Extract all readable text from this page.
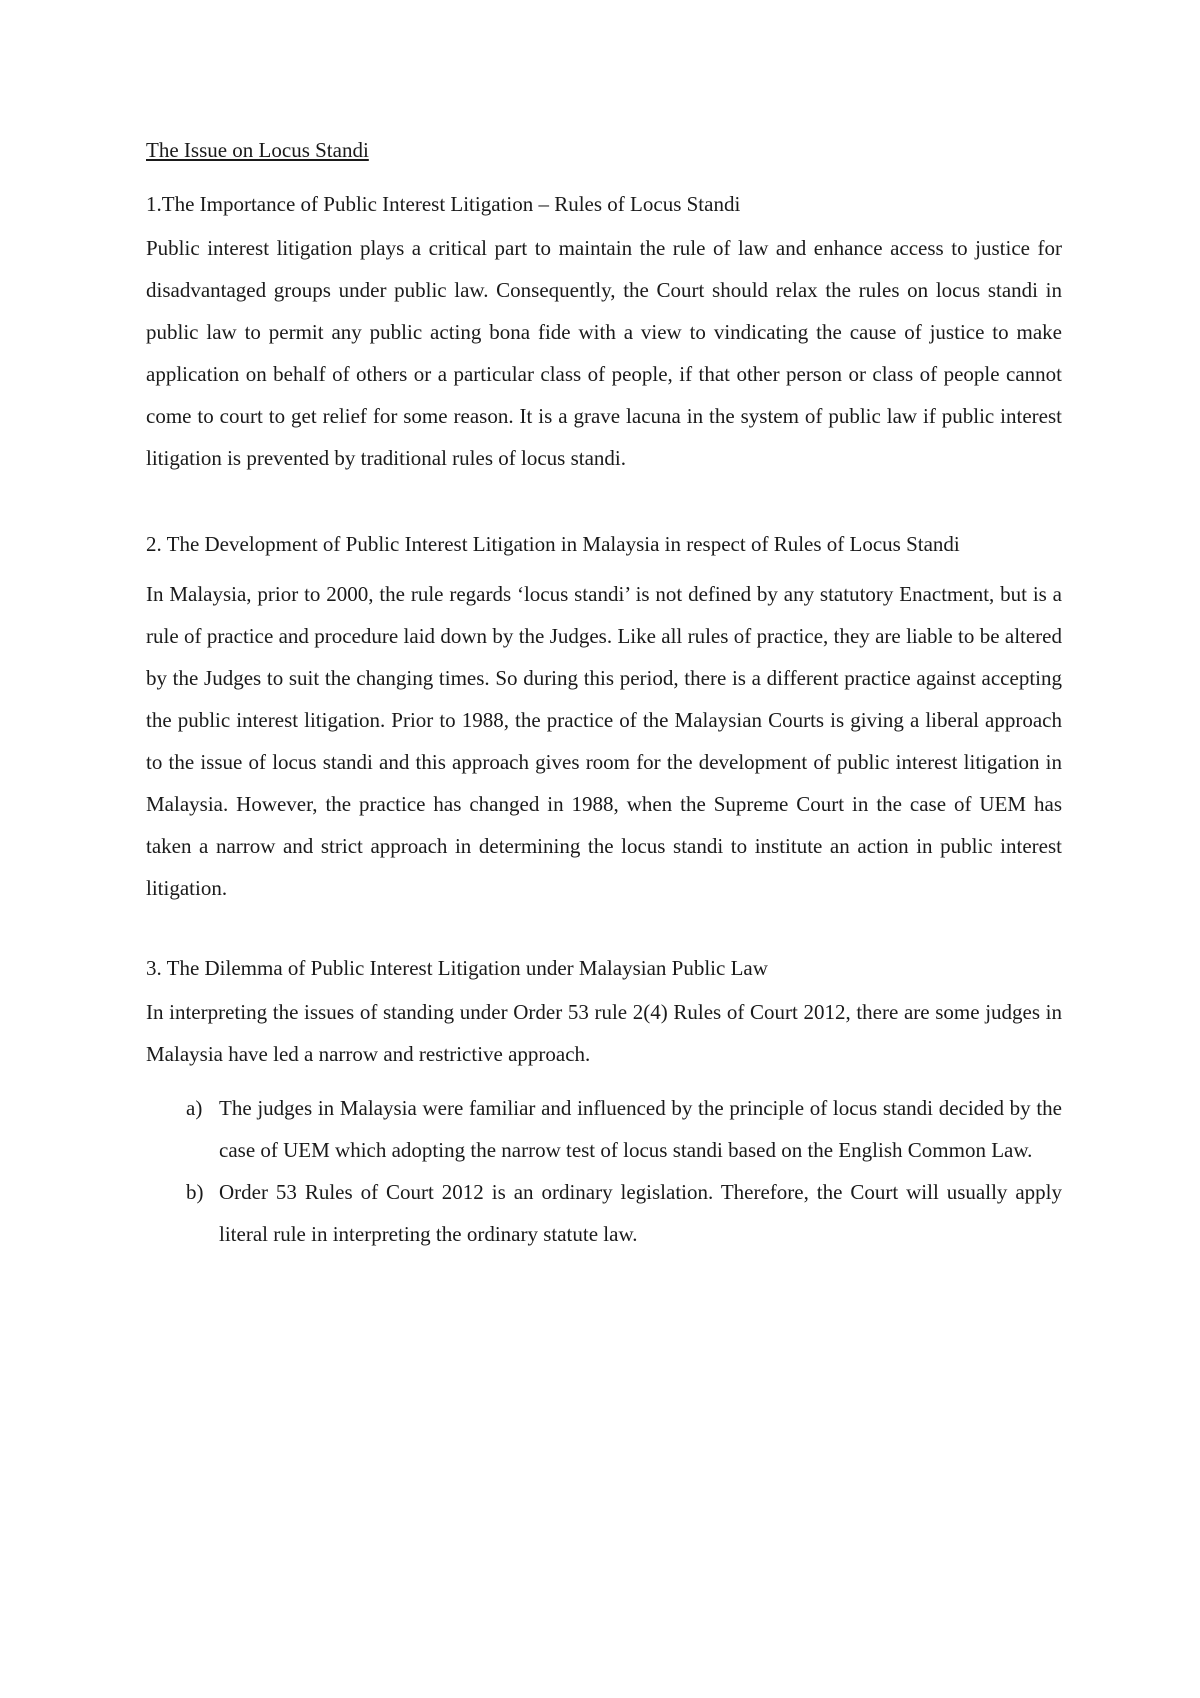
The Issue on Locus Standi
1.The Importance of Public Interest Litigation – Rules of Locus Standi

Public interest litigation plays a critical part to maintain the rule of law and enhance access to justice for disadvantaged groups under public law. Consequently, the Court should relax the rules on locus standi in public law to permit any public acting bona fide with a view to vindicating the cause of justice to make application on behalf of others or a particular class of people, if that other person or class of people cannot come to court to get relief for some reason. It is a grave lacuna in the system of public law if public interest litigation is prevented by traditional rules of locus standi.

2. The Development of Public Interest Litigation in Malaysia in respect of Rules of Locus Standi

In Malaysia, prior to 2000, the rule regards ‘locus standi’ is not defined by any statutory Enactment, but is a rule of practice and procedure laid down by the Judges. Like all rules of practice, they are liable to be altered by the Judges to suit the changing times. So during this period, there is a different practice against accepting the public interest litigation. Prior to 1988, the practice of the Malaysian Courts is giving a liberal approach to the issue of locus standi and this approach gives room for the development of public interest litigation in Malaysia. However, the practice has changed in 1988, when the Supreme Court in the case of UEM has taken a narrow and strict approach in determining the locus standi to institute an action in public interest litigation.

3. The Dilemma of Public Interest Litigation under Malaysian Public Law

In interpreting the issues of standing under Order 53 rule 2(4) Rules of Court 2012, there are some judges in Malaysia have led a narrow and restrictive approach.

a) The judges in Malaysia were familiar and influenced by the principle of locus standi decided by the case of UEM which adopting the narrow test of locus standi based on the English Common Law.
b) Order 53 Rules of Court 2012 is an ordinary legislation. Therefore, the Court will usually apply literal rule in interpreting the ordinary statute law.
